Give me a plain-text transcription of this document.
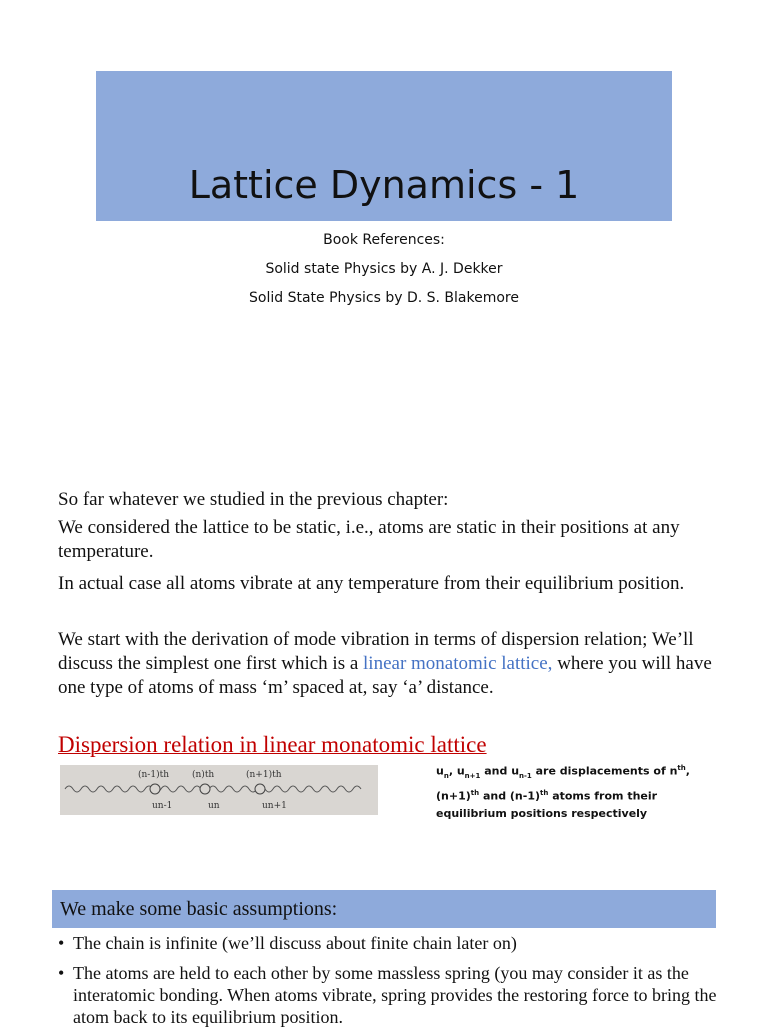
Lattice Dynamics - 1
Book References:
Solid state Physics by A. J. Dekker
Solid State Physics by D. S. Blakemore
So far whatever we studied in the previous chapter:
We considered the lattice to be static, i.e., atoms are static in their positions at any temperature.
In actual case all atoms vibrate at any temperature from their equilibrium position.
We start with the derivation of mode vibration in terms of dispersion relation; We’ll discuss the simplest one first which is a linear monatomic lattice, where you will have one type of atoms of mass ‘m’ spaced at, say ‘a’ distance.
Dispersion relation in linear monatomic lattice
(n-1)th	(n)th	(n+1)th
un-1	un	un+1
$u_n$, $u_{n+1}$ and $u_{n-1}$ are displacements of $n^{th}$,
$(n+1)^{th}$ and $(n-1)^{th}$ atoms from their equilibrium positions respectively
We make some basic assumptions:
• The chain is infinite (we’ll discuss about finite chain later on)
• The atoms are held to each other by some massless spring (you may consider it as the interatomic bonding. When atoms vibrate, spring provides the restoring force to bring the atom back to its equilibrium position.
